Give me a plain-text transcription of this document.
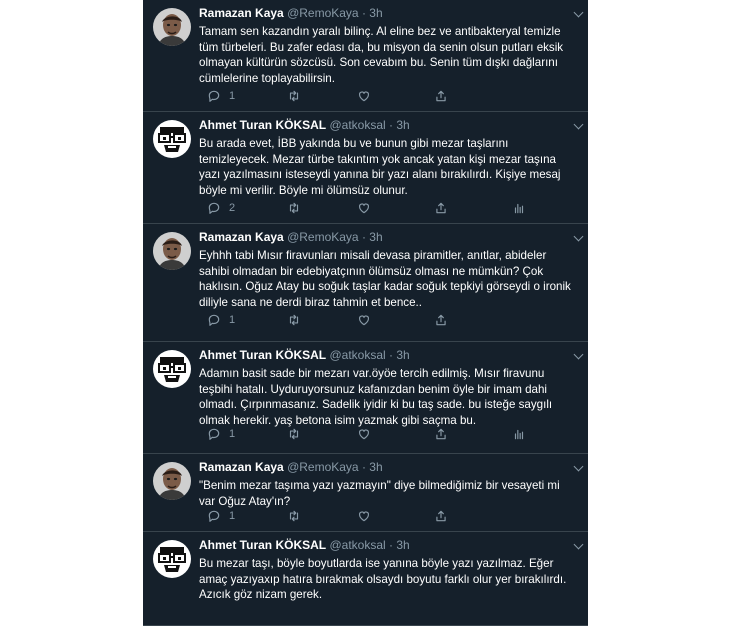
Ramazan Kaya @RemoKaya · 3h
Tamam sen kazandın yaralı bilinç. Al eline bez ve antibakteryal temizle tüm türbeleri. Bu zafer edası da, bu misyon da senin olsun putları eksik olmayan kültürün sözcüsü. Son cevabım bu. Senin tüm dışkı dağlarını cümlelerine toplayabilirsin.
1
Ahmet Turan KÖKSAL @atkoksal · 3h
Bu arada evet, İBB yakında bu ve bunun gibi mezar taşlarını temizleyecek. Mezar türbe takıntım yok ancak yatan kişi mezar taşına yazı yazılmasını isteseydi yanına bir yazı alanı bırakılırdı. Kişiye mesaj böyle mi verilir. Böyle mi ölümsüz olunur.
2
Ramazan Kaya @RemoKaya · 3h
Eyhhh tabi Mısır firavunları misali devasa piramitler, anıtlar, abideler sahibi olmadan bir edebiyatçının ölümsüz olması ne mümkün? Çok haklısın. Oğuz Atay bu soğuk taşlar kadar soğuk tepkiyi görseydi o ironik diliyle sana ne derdi biraz tahmin et bence..
1
Ahmet Turan KÖKSAL @atkoksal · 3h
Adamın basit sade bir mezarı var.öyöe tercih edilmiş. Mısır firavunu teşbihi hatalı. Uyduruyorsunuz kafanızdan benim öyle bir imam dahi olmadı. Çırpınmasanız. Sadelik iyidir ki bu taş sade. bu isteğe saygılı olmak herekir. yaş betona isim yazmak gibi saçma bu.
1
Ramazan Kaya @RemoKaya · 3h
"Benim mezar taşıma yazı yazmayın" diye bilmediğimiz bir vesayeti mi var Oğuz Atay'ın?
1
Ahmet Turan KÖKSAL @atkoksal · 3h
Bu mezar taşı, böyle boyutlarda ise yanına böyle yazı yazılmaz. Eğer amaç yazıyaxıp hatıra bırakmak olsaydı boyutu farklı olur yer bırakılırdı. Azıcık göz nizam gerek.
